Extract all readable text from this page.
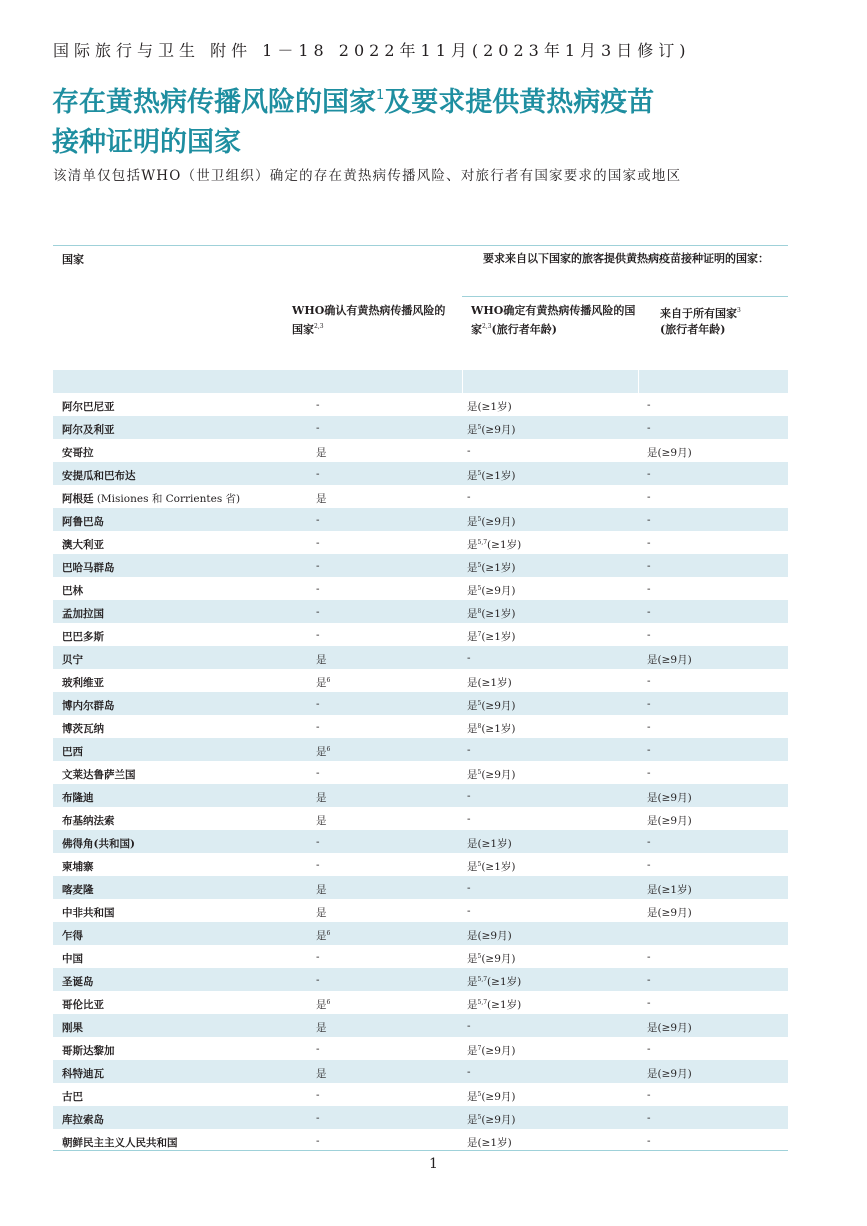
国际旅行与卫生 附件 1－18 2022年11月(2023年1月3日修订)
存在黄热病传播风险的国家$^1$及要求提供黄热病疫苗
接种证明的国家
该清单仅包括WHO（世卫组织）确定的存在黄热病传播风险、对旅行者有国家要求的国家或地区
国家	要求来自以下国家的旅客提供黄热病疫苗接种证明的国家：
WHO确认有黄热病传播风险的国家$^{2,3}$
WHO确定有黄热病传播风险的国家$^{2,3}$(旅行者年龄)
来自于所有国家$^3$
(旅行者年龄)
阿尔巴尼亚	-	是(≥1岁)	-
阿尔及利亚	-	是$^5$(≥9月)	-
安哥拉	是	-	是(≥9月)
安提瓜和巴布达	-	是$^5$(≥1岁)	-
阿根廷 (Misiones 和 Corrientes 省)	是	-	-
阿鲁巴岛	-	是$^5$(≥9月)	-
澳大利亚	-	是$^{5,7}$(≥1岁)	-
巴哈马群岛	-	是$^5$(≥1岁)	-
巴林	-	是$^5$(≥9月)	-
孟加拉国	-	是$^8$(≥1岁)	-
巴巴多斯	-	是$^7$(≥1岁)	-
贝宁	是	-	是(≥9月)
玻利维亚	是$^6$	是(≥1岁)	-
博内尔群岛	-	是$^5$(≥9月)	-
博茨瓦纳	-	是$^8$(≥1岁)	-
巴西	是$^6$	-	-
文莱达鲁萨兰国	-	是$^5$(≥9月)	-
布隆迪	是	-	是(≥9月)
布基纳法索	是	-	是(≥9月)
佛得角(共和国)	-	是(≥1岁)	-
柬埔寨	-	是$^5$(≥1岁)	-
喀麦隆	是	-	是(≥1岁)
中非共和国	是	-	是(≥9月)
乍得	是$^6$	是(≥9月)
中国	-	是$^5$(≥9月)	-
圣诞岛	-	是$^{5,7}$(≥1岁)	-
哥伦比亚	是$^6$	是$^{5,7}$(≥1岁)	-
刚果	是	-	是(≥9月)
哥斯达黎加	-	是$^7$(≥9月)	-
科特迪瓦	是	-	是(≥9月)
古巴	-	是$^5$(≥9月)	-
库拉索岛	-	是$^5$(≥9月)	-
朝鲜民主主义人民共和国	-	是(≥1岁)	-
1
